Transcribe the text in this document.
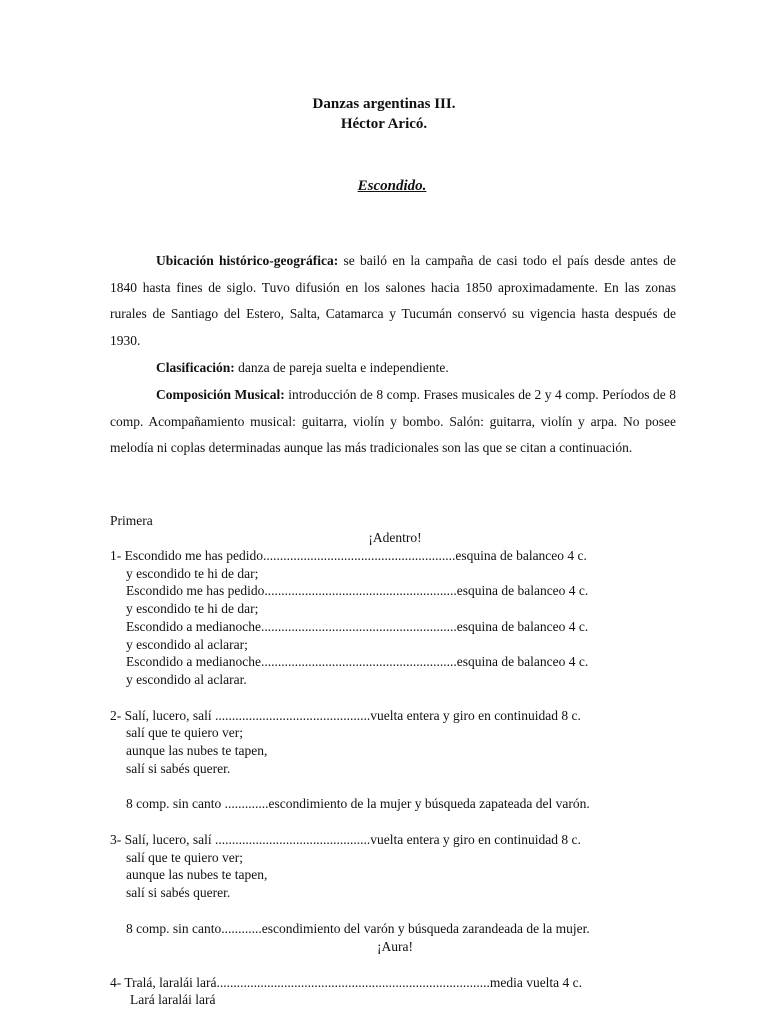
Danzas argentinas III.
Héctor Aricó.
Escondido.
Ubicación histórico-geográfica: se bailó en la campaña de casi todo el país desde antes de 1840 hasta fines de siglo. Tuvo difusión en los salones hacia 1850 aproximadamente. En las zonas rurales de Santiago del Estero, Salta, Catamarca y Tucumán conservó su vigencia hasta después de 1930.
Clasificación: danza de pareja suelta e independiente.
Composición Musical: introducción de 8 comp. Frases musicales de 2 y 4 comp. Períodos de 8 comp. Acompañamiento musical: guitarra, violín y bombo. Salón: guitarra, violín y arpa. No posee melodía ni coplas determinadas aunque las más tradicionales son las que se citan a continuación.
Primera
¡Adentro!
1- Escondido me has pedido.........................................................esquina de balanceo 4 c.
y escondido te hi de dar;
Escondido me has pedido.........................................................esquina de balanceo 4 c.
y escondido te hi de dar;
Escondido a medianoche..........................................................esquina de balanceo 4 c.
y escondido al aclarar;
Escondido a medianoche..........................................................esquina de balanceo 4 c.
y escondido al aclarar.
2- Salí, lucero, salí ..............................................vuelta entera y giro en continuidad 8 c.
salí que te quiero ver;
aunque las nubes te tapen,
salí si sabés querer.
8 comp. sin canto .............escondimiento de la mujer y búsqueda zapateada del varón.
3- Salí, lucero, salí ..............................................vuelta entera y giro en continuidad 8 c.
salí que te quiero ver;
aunque las nubes te tapen,
salí si sabés querer.
8 comp. sin canto............escondimiento del varón y búsqueda zarandeada de la mujer.
¡Aura!
4- Tralá, laralái lará.................................................................................media vuelta 4 c.
Lará laralái lará
